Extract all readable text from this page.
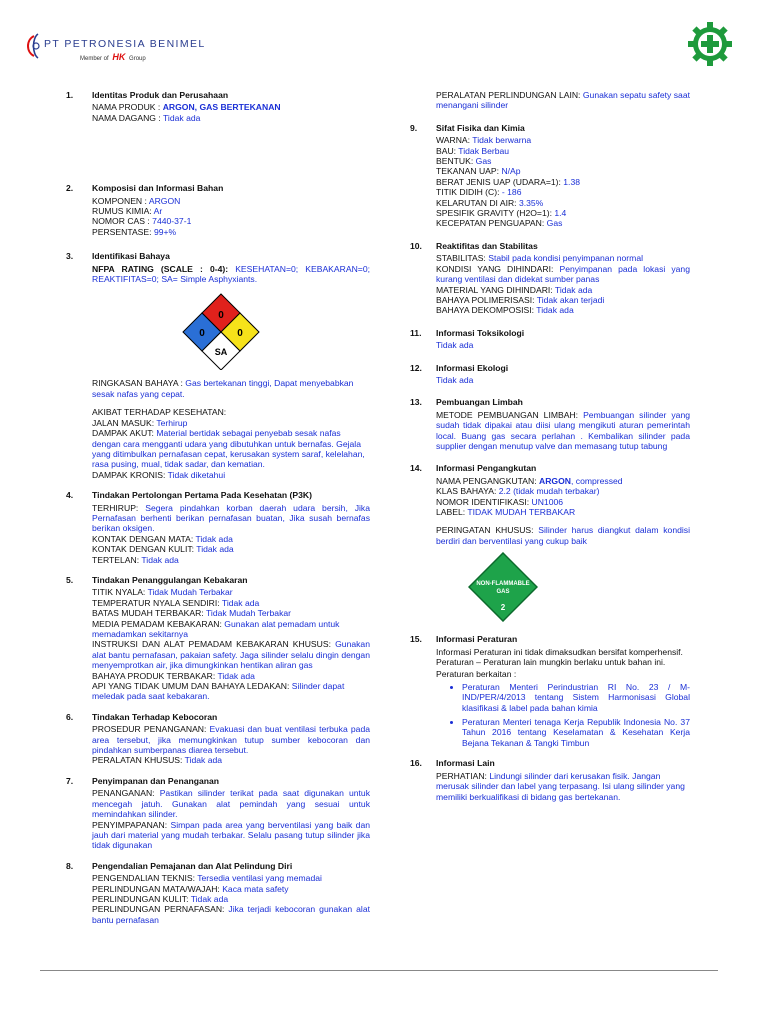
PT PETRONESIA BENIMEL
Member of HK Group
1. Identitas Produk dan Perusahaan
NAMA PRODUK : ARGON, GAS BERTEKANAN
NAMA DAGANG : Tidak ada
2. Komposisi dan Informasi Bahan
KOMPONEN : ARGON
RUMUS KIMIA: Ar
NOMOR CAS : 7440-37-1
PERSENTASE: 99+%
3. Identifikasi Bahaya
NFPA RATING (SCALE : 0-4): KESEHATAN=0; KEBAKARAN=0; REAKTIFITAS=0; SA= Simple Asphyxiants.
0
0	0
SA
RINGKASAN BAHAYA : Gas bertekanan tinggi, Dapat menyebabkan sesak nafas yang cepat.
AKIBAT TERHADAP KESEHATAN:
JALAN MASUK: Terhirup
DAMPAK AKUT: Material bertidak sebagai penyebab sesak nafas dengan cara mengganti udara yang dibutuhkan untuk bernafas. Gejala yang ditimbulkan pernafasan cepat, kerusakan system saraf, kelelahan, rasa pusing, mual, tidak sadar, dan kematian.
DAMPAK KRONIS: Tidak diketahui
4. Tindakan Pertolongan Pertama Pada Kesehatan (P3K)
TERHIRUP: Segera pindahkan korban daerah udara bersih, Jika Pernafasan berhenti berikan pernafasan buatan, Jika susah bernafas berikan oksigen.
KONTAK DENGAN MATA: Tidak ada
KONTAK DENGAN KULIT: Tidak ada
TERTELAN: Tidak ada
5. Tindakan Penanggulangan Kebakaran
TITIK NYALA: Tidak Mudah Terbakar
TEMPERATUR NYALA SENDIRI: Tidak ada
BATAS MUDAH TERBAKAR: Tidak Mudah Terbakar
MEDIA PEMADAM KEBAKARAN: Gunakan alat pemadam untuk memadamkan sekitarnya
INSTRUKSI DAN ALAT PEMADAM KEBAKARAN KHUSUS: Gunakan alat bantu pernafasan, pakaian safety. Jaga silinder selalu dingin dengan menyemprotkan air, jika dimungkinkan hentikan aliran gas
BAHAYA PRODUK TERBAKAR: Tidak ada
API YANG TIDAK UMUM DAN BAHAYA LEDAKAN: Silinder dapat meledak pada saat kebakaran.
6. Tindakan Terhadap Kebocoran
PROSEDUR PENANGANAN: Evakuasi dan buat ventilasi terbuka pada area tersebut, jika memungkinkan tutup sumber kebocoran dan pindahkan sumberpanas diarea tersebut.
PERALATAN KHUSUS: Tidak ada
7. Penyimpanan dan Penanganan
PENANGANAN: Pastikan silinder terikat pada saat digunakan untuk mencegah jatuh. Gunakan alat pemindah yang sesuai untuk memindahkan silinder.
PENYIMPAPANAN: Simpan pada area yang berventilasi yang baik dan jauh dari material yang mudah terbakar. Selalu pasang tutup silinder jika tidak digunakan
8. Pengendalian Pemajanan dan Alat Pelindung Diri
PENGENDALIAN TEKNIS: Tersedia ventilasi yang memadai
PERLINDUNGAN MATA/WAJAH: Kaca mata safety
PERLINDUNGAN KULIT: Tidak ada
PERLINDUNGAN PERNAFASAN: Jika terjadi kebocoran gunakan alat bantu pernafasan
PERALATAN PERLINDUNGAN LAIN: Gunakan sepatu safety saat menangani silinder
9. Sifat Fisika dan Kimia
WARNA: Tidak berwarna
BAU: Tidak Berbau
BENTUK: Gas
TEKANAN UAP: N/Ap
BERAT JENIS UAP (UDARA=1): 1.38
TITIK DIDIH (C): - 186
KELARUTAN DI AIR: 3.35%
SPESIFIK GRAVITY (H2O=1): 1.4
KECEPATAN PENGUAPAN: Gas
10. Reaktifitas dan Stabilitas
STABILITAS: Stabil pada kondisi penyimpanan normal
KONDISI YANG DIHINDARI: Penyimpanan pada lokasi yang kurang ventilasi dan didekat sumber panas
MATERIAL YANG DIHINDARI: Tidak ada
BAHAYA POLIMERISASI: Tidak akan terjadi
BAHAYA DEKOMPOSISI: Tidak ada
11. Informasi Toksikologi
Tidak ada
12. Informasi Ekologi
Tidak ada
13. Pembuangan Limbah
METODE PEMBUANGAN LIMBAH: Pembuangan silinder yang sudah tidak dipakai atau diisi ulang mengikuti aturan pemerintah local. Buang gas secara perlahan . Kembalikan silinder pada supplier dengan menutup valve dan memasang tutup tabung
14. Informasi Pengangkutan
NAMA PENGANGKUTAN: ARGON, compressed
KLAS BAHAYA: 2.2 (tidak mudah terbakar)
NOMOR IDENTIFIKASI: UN1006
LABEL: TIDAK MUDAH TERBAKAR
PERINGATAN KHUSUS: Silinder harus diangkut dalam kondisi berdiri dan berventilasi yang cukup baik
NON-FLAMMABLE
GAS
2
15. Informasi Peraturan
Informasi Peraturan ini tidak dimaksudkan bersifat komperhensif. Peraturan – Peraturan lain mungkin berlaku untuk bahan ini.
Peraturan berkaitan :
• Peraturan Menteri Perindustrian RI No. 23 / M-IND/PER/4/2013 tentang Sistem Harmonisasi Global klasifikasi & label pada bahan kimia
• Peraturan Menteri tenaga Kerja Republik Indonesia No. 37 Tahun 2016 tentang Keselamatan & Kesehatan Kerja Bejana Tekanan & Tangki Timbun
16. Informasi Lain
PERHATIAN: Lindungi silinder dari kerusakan fisik. Jangan merusak silinder dan label yang terpasang. Isi ulang silinder yang memiliki berkualifikasi di bidang gas bertekanan.
